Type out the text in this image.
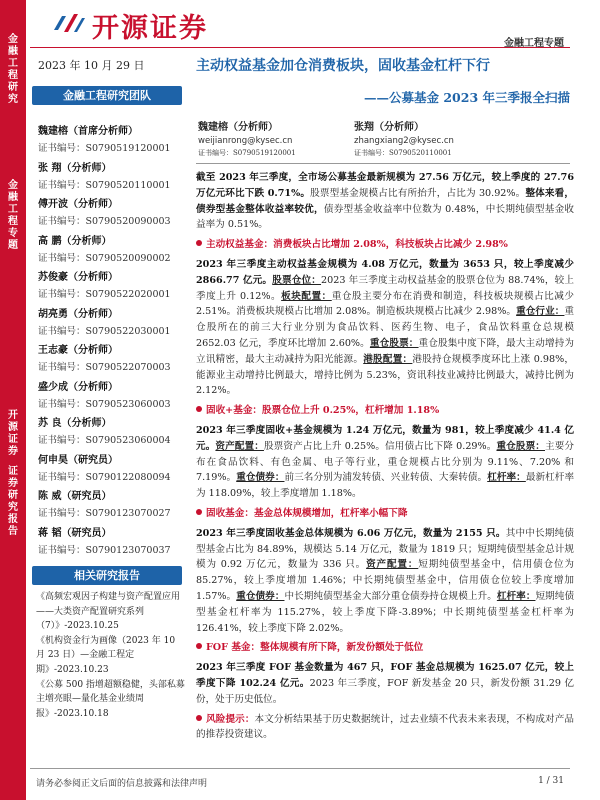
金
融
工
程
研
究
金
融
工
程
专
题
开
源
证
券
证
券
研
究
报
告
开源证券	金融工程专题
2023 年 10 月 29 日
金融工程研究团队
魏建榕（首席分析师）
证书编号：S0790519120001
张 翔（分析师）
证书编号：S0790520110001
傅开波（分析师）
证书编号：S0790520090003
高 鹏（分析师）
证书编号：S0790520090002
苏俊豪（分析师）
证书编号：S0790522020001
胡亮勇（分析师）
证书编号：S0790522030001
王志豪（分析师）
证书编号：S0790522070003
盛少成（分析师）
证书编号：S0790523060003
苏 良（分析师）
证书编号：S0790523060004
何申昊（研究员）
证书编号：S0790122080094
陈 威（研究员）
证书编号：S0790123070027
蒋 韬（研究员）
证书编号：S0790123070037
相关研究报告
《高频宏观因子构建与资产配置应用——大类资产配置研究系列（7）》-2023.10.25
《机构资金行为画像（2023 年 10 月 23 日）—金融工程定期》-2023.10.23
《公募 500 指增超额稳健，头部私募主增亮眼—量化基金业绩周报》-2023.10.18
主动权益基金加仓消费板块，固收基金杠杆下行
——公募基金 2023 年三季报全扫描
魏建榕（分析师）
weijianrong@kysec.cn
证书编号：S0790519120001
张翔（分析师）
zhangxiang2@kysec.cn
证书编号：S0790520110001

截至 2023 年三季度，全市场公募基金最新规模为 27.56 万亿元，较上季度的 27.76 万亿元环比下跌 0.71%。股票型基金规模占比有所抬升，占比为 30.92%。整体来看，债券型基金整体收益率较优，债券型基金收益率中位数为 0.48%，中长期纯债型基金收益率为 0.51%。

主动权益基金：消费板块占比增加 2.08%，科技板块占比减少 2.98%

2023 年三季度主动权益基金规模为 4.08 万亿元，数量为 3653 只，较上季度减少 2866.77 亿元。股票仓位：2023 年三季度主动权益基金的股票仓位为 88.74%，较上季度上升 0.12%。板块配置：重仓股主要分布在消费和制造，科技板块规模占比减少 2.51%。消费板块规模占比增加 2.08%。制造板块规模占比减少 2.98%。重仓行业：重仓股所在的前三大行业分别为食品饮料、医药生物、电子，食品饮料重仓总规模 2652.03 亿元，季度环比增加 2.60%。重仓股票：重仓股集中度下降，最大主动增持为立讯精密，最大主动减持为阳光能源。港股配置：港股持仓规模季度环比上涨 0.98%，能源业主动增持比例最大，增持比例为 5.23%，资讯科技业减持比例最大，减持比例为 2.12%。

固收+基金：股票仓位上升 0.25%，杠杆增加 1.18%

2023 年三季度固收+基金规模为 1.24 万亿元，数量为 981，较上季度减少 41.4 亿元。资产配置：股票资产占比上升 0.25%。信用债占比下降 0.29%。重仓股票：主要分布在食品饮料、有色金属、电子等行业，重仓规模占比分别为 9.11%、7.20% 和 7.19%。重仓债券：前三名分别为浦发转债、兴业转债、大秦转债。杠杆率：最新杠杆率为 118.09%，较上季度增加 1.18%。

固收基金：基金总体规模增加，杠杆率小幅下降

2023 年三季度固收基金总体规模为 6.06 万亿元，数量为 2155 只。其中中长期纯债型基金占比为 84.89%，规模达 5.14 万亿元，数量为 1819 只；短期纯债型基金总计规模为 0.92 万亿元，数量为 336 只。资产配置：短期纯债型基金中，信用债仓位为 85.27%，较上季度增加 1.46%；中长期纯债型基金中，信用债仓位较上季度增加 1.57%。重仓债券：中长期纯债型基金大部分重仓债券持仓规模上升。杠杆率：短期纯债型基金杠杆率为 115.27%，较上季度下降-3.89%；中长期纯债型基金杠杆率为 126.41%，较上季度下降 2.02%。

FOF 基金：整体规模有所下降，新发份额处于低位

2023 年三季度 FOF 基金数量为 467 只，FOF 基金总规模为 1625.07 亿元，较上季度下降 102.24 亿元。2023 年三季度，FOF 新发基金 20 只，新发份额 31.29 亿份，处于历史低位。

风险提示：本文分析结果基于历史数据统计，过去业绩不代表未来表现，不构成对产品的推荐投资建议。

请务必参阅正文后面的信息披露和法律声明	1 / 31
